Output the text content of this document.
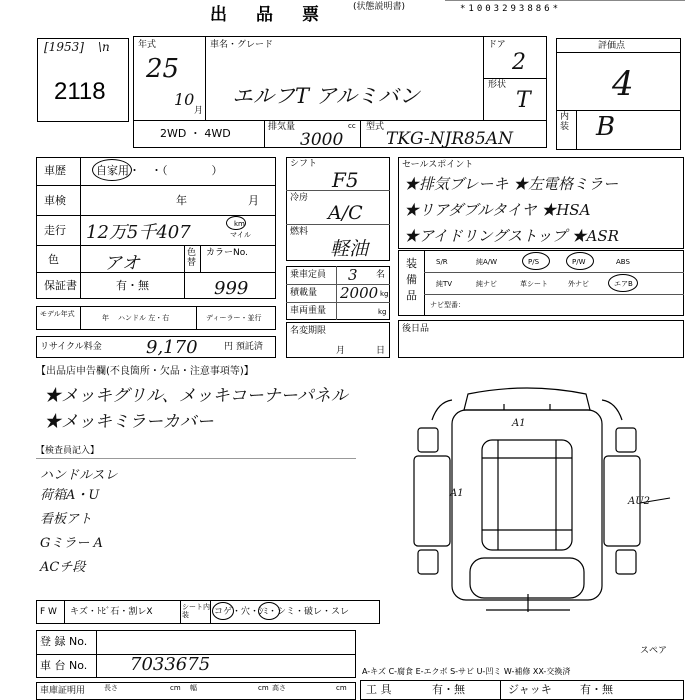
出　品　票	(状態説明書)	*1003293886*
[1953] \n
2118
年式
25
10
月
車名・グレード
エルフT アルミバン
ドア
2
形状
T
2WD ・ 4WD	排気量	cc
3000
型式
TKG-NJR85AN
評価点
4
内装 B
車歴	自家用・　・（　　　　）
車検	年	月
走行 12万5千407	km
マイル
色	アオ	色替
カラーNo.
保証書	有・無	999
モデル年式	年 ハンドル 左・右	ディーラー・並行
リサイクル料金 9,170	円 預託済
シフト
F5
冷房
A/C
燃料
軽油
乗車定員 3 名
積載量 2000 kg
車両重量	kg
名変期限
月	日
セールスポイント
★排気ブレーキ ★左電格ミラー
★リアダブルタイヤ ★HSA
★アイドリングストップ ★ASR
装備品
S/R	純A/W	P/S	P/W	ABS
純TV	純ナビ	革シート	外ナビ	エアB
ナビ型番：
後日品
【出品店申告欄(不良箇所・欠品・注意事項等)】
★メッキグリル、メッキコーナーパネル
★メッキミラーカバー
【検査員記入】
ハンドルスレ
荷箱A・U
看板アト
Gミラー A
ACチ段
F W キズ・ﾄﾋﾞ石・割レX	シート内装	コゲ・穴・ｼﾐ・シミ・破レ・スレ
登 録 No.
車 台 No. 7033675
車庫証明用	長さ	cm 幅	cm 高さ	cm
A1
A1
AU2
スペア
A-キズ C-腐食 E-エクボ S-サビ U-凹ミ W-補修 XX-交換済
工 具	有・無	ジャッキ	有・無
